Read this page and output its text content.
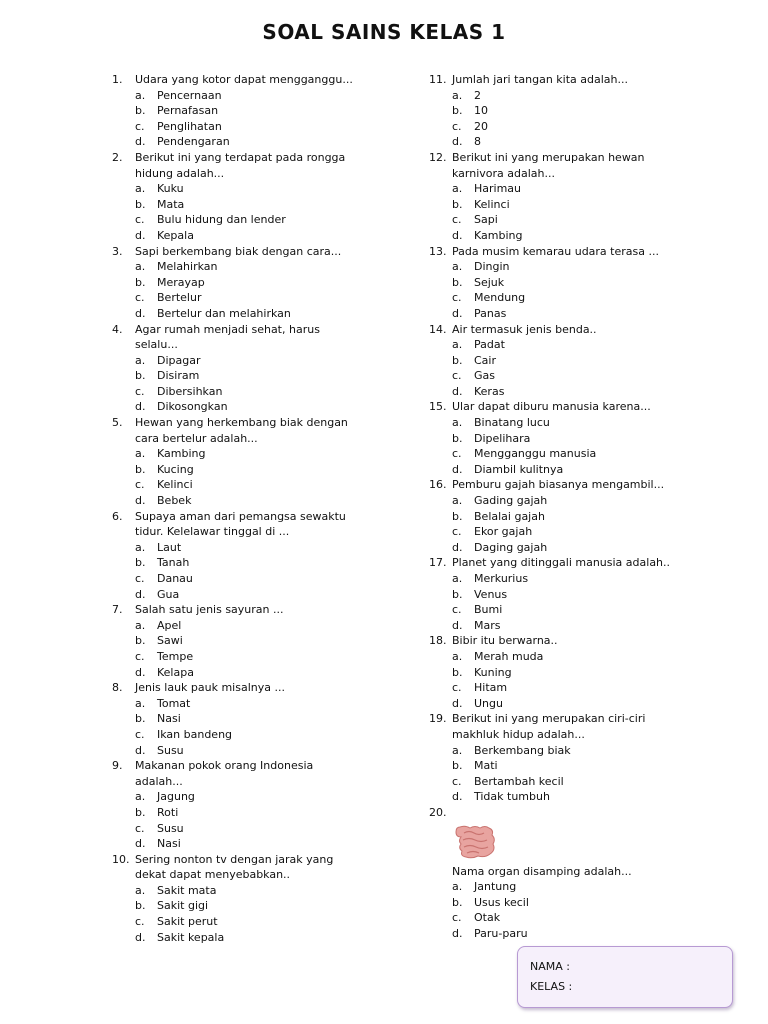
SOAL SAINS KELAS 1
1.	Udara yang kotor dapat mengganggu...
a.	Pencernaan
b.	Pernafasan
c.	Penglihatan
d.	Pendengaran
2.	Berikut ini yang terdapat pada rongga
hidung adalah...
a.	Kuku
b.	Mata
c.	Bulu hidung dan lender
d.	Kepala
3.	Sapi berkembang biak dengan cara...
a.	Melahirkan
b.	Merayap
c.	Bertelur
d.	Bertelur dan melahirkan
4.	Agar rumah menjadi sehat, harus
selalu...
a.	Dipagar
b.	Disiram
c.	Dibersihkan
d.	Dikosongkan
5.	Hewan yang herkembang biak dengan
cara bertelur adalah...
a.	Kambing
b.	Kucing
c.	Kelinci
d.	Bebek
6.	Supaya aman dari pemangsa sewaktu
tidur. Kelelawar tinggal di ...
a.	Laut
b.	Tanah
c.	Danau
d.	Gua
7.	Salah satu jenis sayuran ...
a.	Apel
b.	Sawi
c.	Tempe
d.	Kelapa
8.	Jenis lauk pauk misalnya ...
a.	Tomat
b.	Nasi
c.	Ikan bandeng
d.	Susu
9.	Makanan pokok orang Indonesia
adalah...
a.	Jagung
b.	Roti
c.	Susu
d.	Nasi
10. Sering nonton tv dengan jarak yang
dekat dapat menyebabkan..
a.	Sakit mata
b.	Sakit gigi
c.	Sakit perut
d.	Sakit kepala
11. Jumlah jari tangan kita adalah...
a.	2
b.	10
c.	20
d.	8
12. Berikut ini yang merupakan hewan
karnivora adalah...
a.	Harimau
b.	Kelinci
c.	Sapi
d.	Kambing
13. Pada musim kemarau udara terasa ...
a.	Dingin
b.	Sejuk
c.	Mendung
d.	Panas
14. Air termasuk jenis benda..
a.	Padat
b.	Cair
c.	Gas
d.	Keras
15. Ular dapat diburu manusia karena...
a.	Binatang lucu
b.	Dipelihara
c.	Mengganggu manusia
d.	Diambil kulitnya
16. Pemburu gajah biasanya mengambil...
a.	Gading gajah
b.	Belalai gajah
c.	Ekor gajah
d.	Daging gajah
17. Planet yang ditinggali manusia adalah..
a.	Merkurius
b.	Venus
c.	Bumi
d.	Mars
18. Bibir itu berwarna..
a.	Merah muda
b.	Kuning
c.	Hitam
d.	Ungu
19. Berikut ini yang merupakan ciri-ciri
makhluk hidup adalah...
a.	Berkembang biak
b.	Mati
c.	Bertambah kecil
d.	Tidak tumbuh
20.
Nama organ disamping adalah...
a.	Jantung
b.	Usus kecil
c.	Otak
d.	Paru-paru
NAMA :
KELAS :
